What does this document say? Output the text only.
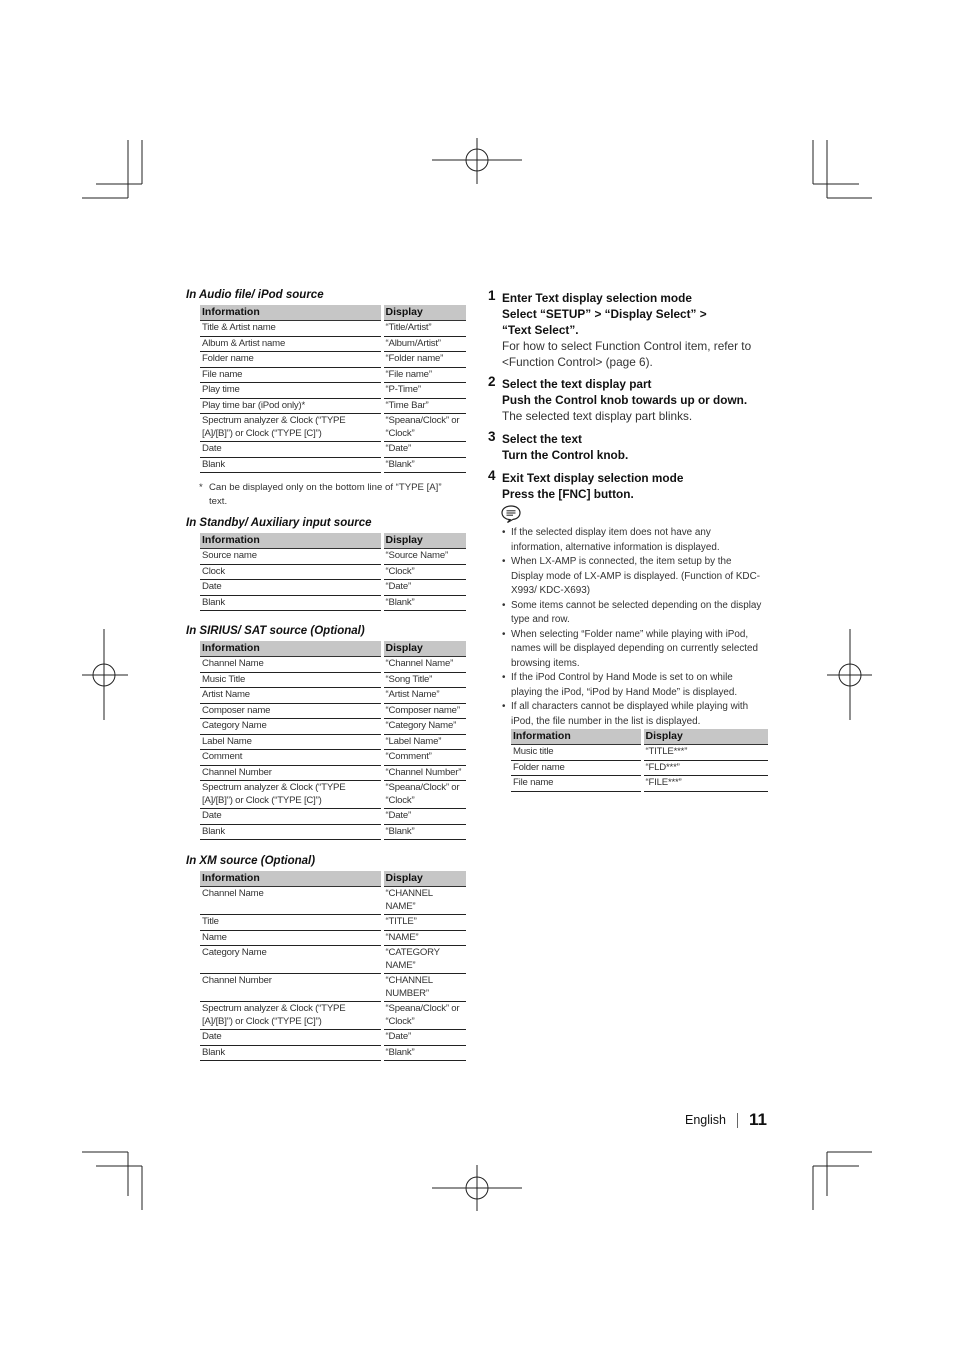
In Audio file/ iPod source
Information	Display
Title & Artist name	“Title/Artist”
Album & Artist name	“Album/Artist”
Folder name	“Folder name”
File name	“File name”
Play time	“P-Time”
Play time bar (iPod only)*	“Time Bar”
Spectrum analyzer & Clock (“TYPE [A]/[B]”) or Clock (“TYPE [C]”)	“Speana/Clock” or “Clock”
Date	“Date”
Blank	“Blank”
* Can be displayed only on the bottom line of “TYPE [A]” text.
In Standby/ Auxiliary input source
Information	Display
Source name	“Source Name”
Clock	“Clock”
Date	“Date”
Blank	“Blank”
In SIRIUS/ SAT source (Optional)
Information	Display
Channel Name	“Channel Name”
Music Title	“Song Title”
Artist Name	“Artist Name”
Composer name	“Composer name”
Category Name	“Category Name”
Label Name	“Label Name”
Comment	“Comment”
Channel Number	“Channel Number”
Spectrum analyzer & Clock (“TYPE [A]/[B]”) or Clock (“TYPE [C]”)	“Speana/Clock” or “Clock”
Date	“Date”
Blank	“Blank”
In XM source (Optional)
Information	Display
Channel Name	“CHANNEL NAME”
Title	“TITLE”
Name	“NAME”
Category Name	“CATEGORY NAME”
Channel Number	“CHANNEL NUMBER”
Spectrum analyzer & Clock (“TYPE [A]/[B]”) or Clock (“TYPE [C]”)	“Speana/Clock” or “Clock”
Date	“Date”
Blank	“Blank”
1 Enter Text display selection mode
Select “SETUP” > “Display Select” >
“Text Select”.
For how to select Function Control item, refer to <Function Control> (page 6).
2 Select the text display part
Push the Control knob towards up or down.
The selected text display part blinks.
3 Select the text
Turn the Control knob.
4 Exit Text display selection mode
Press the [FNC] button.
• If the selected display item does not have any information, alternative information is displayed.
• When LX-AMP is connected, the item setup by the Display mode of LX-AMP is displayed. (Function of KDC-X993/ KDC-X693)
• Some items cannot be selected depending on the display type and row.
• When selecting “Folder name” while playing with iPod, names will be displayed depending on currently selected browsing items.
• If the iPod Control by Hand Mode is set to on while playing the iPod, “iPod by Hand Mode” is displayed.
• If all characters cannot be displayed while playing with iPod, the file number in the list is displayed.
Information	Display
Music title	“TITLE***”
Folder name	“FLD***”
File name	“FILE***”
English 11
